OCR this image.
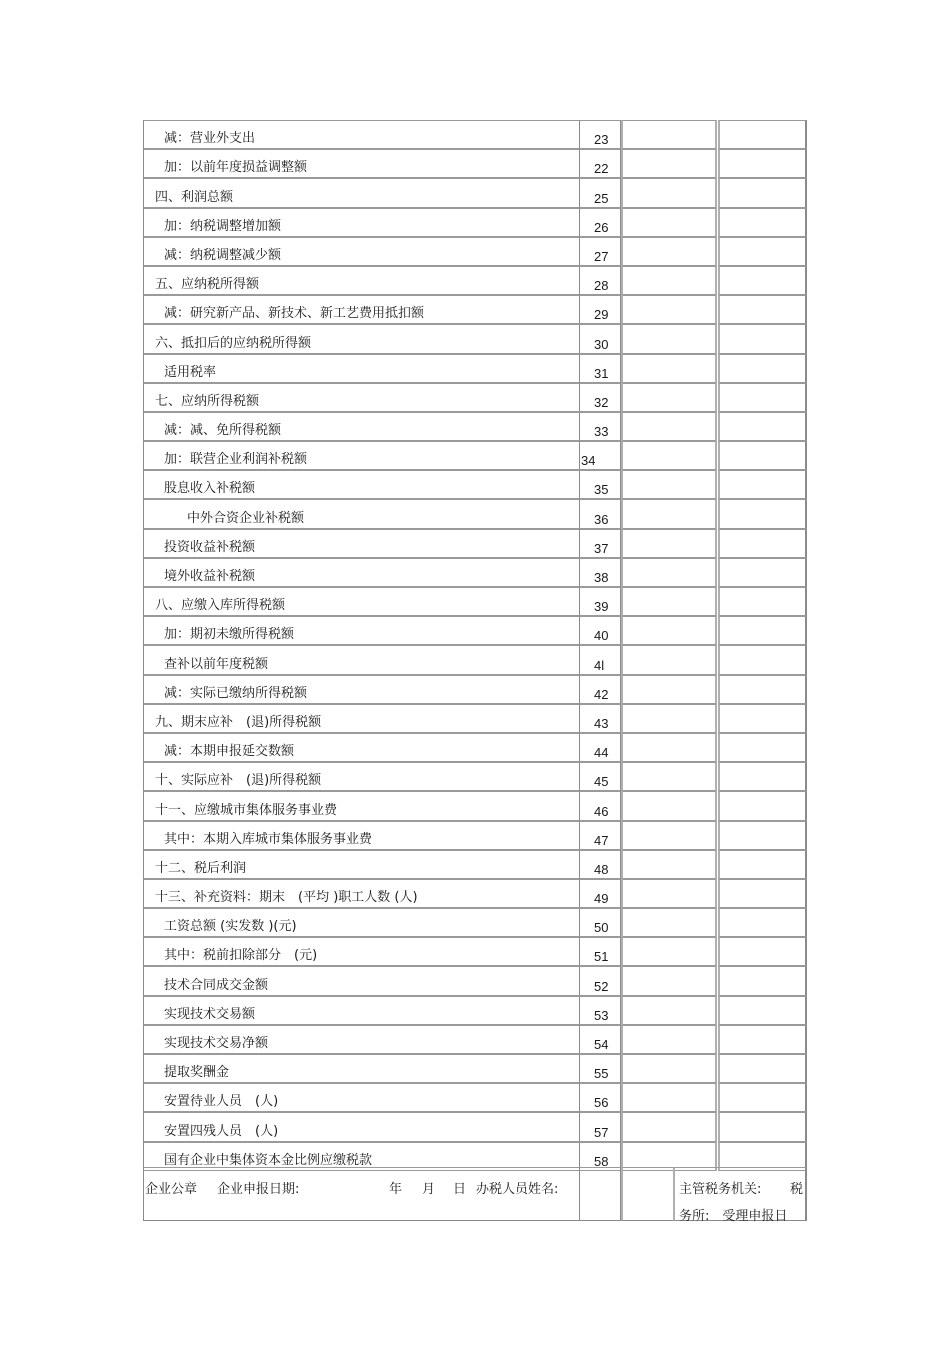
减：营业外支出	23
加：以前年度损益调整额	22
四、利润总额	25
加：纳税调整增加额	26
减：纳税调整减少额	27
五、应纳税所得额	28
减：研究新产品、新技术、新工艺费用抵扣额	29
六、抵扣后的应纳税所得额	30
适用税率	31
七、应纳所得税额	32
减：减、免所得税额	33
加：联营企业利润补税额	34
股息收入补税额	35
中外合资企业补税额	36
投资收益补税额	37
境外收益补税额	38
八、应缴入库所得税额	39
加：期初未缴所得税额	40
查补以前年度税额	4l
减：实际已缴纳所得税额	42
九、期末应补　(退)所得税额	43
减：本期申报延交数额	44
十、实际应补　(退)所得税额	45
十一、应缴城市集体服务事业费	46
其中：本期入库城市集体服务事业费	47
十二、税后利润	48
十三、补充资料：期末　(平均 )职工人数 (人)	49
工资总额 (实发数 )(元)	50
其中：税前扣除部分　(元)	51
技术合同成交金额	52
实现技术交易额	53
实现技术交易净额	54
提取奖酬金	55
安置待业人员　(人)	56
安置四残人员　(人)	57
国有企业中集体资本金比例应缴税款	58
企业公章 企业申报日期:	年 月 日 办税人员姓名:	主管税务机关: 税
务所:　受理申报日
